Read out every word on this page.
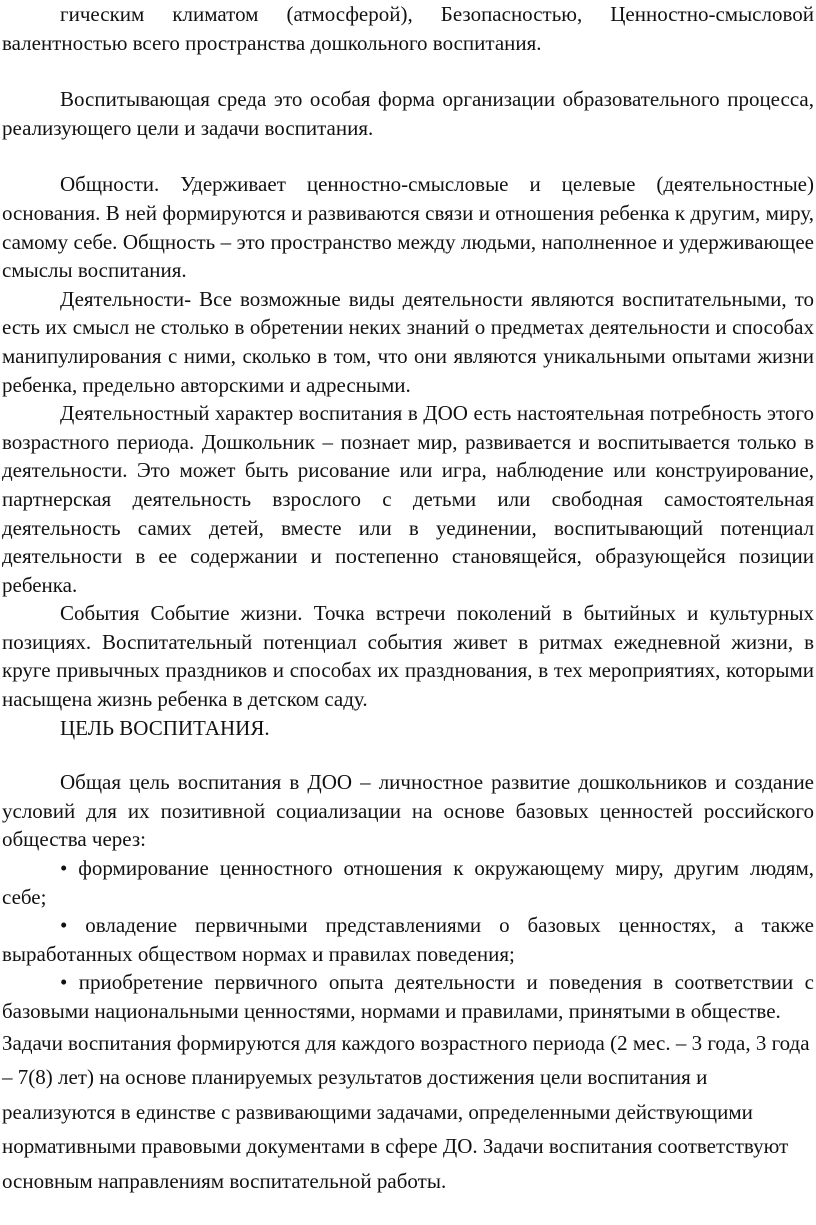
гическим климатом (атмосферой), Безопасностью, Ценностно-смысловой валентностью всего пространства дошкольного воспитания.

Воспитывающая среда это особая форма организации образовательного процесса, реализующего цели и задачи воспитания.

Общности. Удерживает ценностно-смысловые и целевые (деятельностные) основания. В ней формируются и развиваются связи и отношения ребенка к другим, миру, самому себе. Общность – это пространство между людьми, наполненное и удерживающее смыслы воспитания.

Деятельности- Все возможные виды деятельности являются воспитательными, то есть их смысл не столько в обретении неких знаний о предметах деятельности и способах манипулирования с ними, сколько в том, что они являются уникальными опытами жизни ребенка, предельно авторскими и адресными.

Деятельностный характер воспитания в ДОО есть настоятельная потребность этого возрастного периода. Дошкольник – познает мир, развивается и воспитывается только в деятельности. Это может быть рисование или игра, наблюдение или конструирование, партнерская деятельность взрослого с детьми или свободная самостоятельная деятельность самих детей, вместе или в уединении, воспитывающий потенциал деятельности в ее содержании и постепенно становящейся, образующейся позиции ребенка.

События Событие жизни. Точка встречи поколений в бытийных и культурных позициях. Воспитательный потенциал события живет в ритмах ежедневной жизни, в круге привычных праздников и способах их празднования, в тех мероприятиях, которыми насыщена жизнь ребенка в детском саду.

ЦЕЛЬ ВОСПИТАНИЯ.

Общая цель воспитания в ДОО – личностное развитие дошкольников и создание условий для их позитивной социализации на основе базовых ценностей российского общества через:

• формирование ценностного отношения к окружающему миру, другим людям, себе;

• овладение первичными представлениями о базовых ценностях, а также выработанных обществом нормах и правилах поведения;

• приобретение первичного опыта деятельности и поведения в соответствии с базовыми национальными ценностями, нормами и правилами, принятыми в обществе.

Задачи воспитания формируются для каждого возрастного периода (2 мес. – 3 года, 3 года – 7(8) лет) на основе планируемых результатов достижения цели воспитания и реализуются в единстве с развивающими задачами, определенными действующими нормативными правовыми документами в сфере ДО. Задачи воспитания соответствуют основным направлениям воспитательной работы.
